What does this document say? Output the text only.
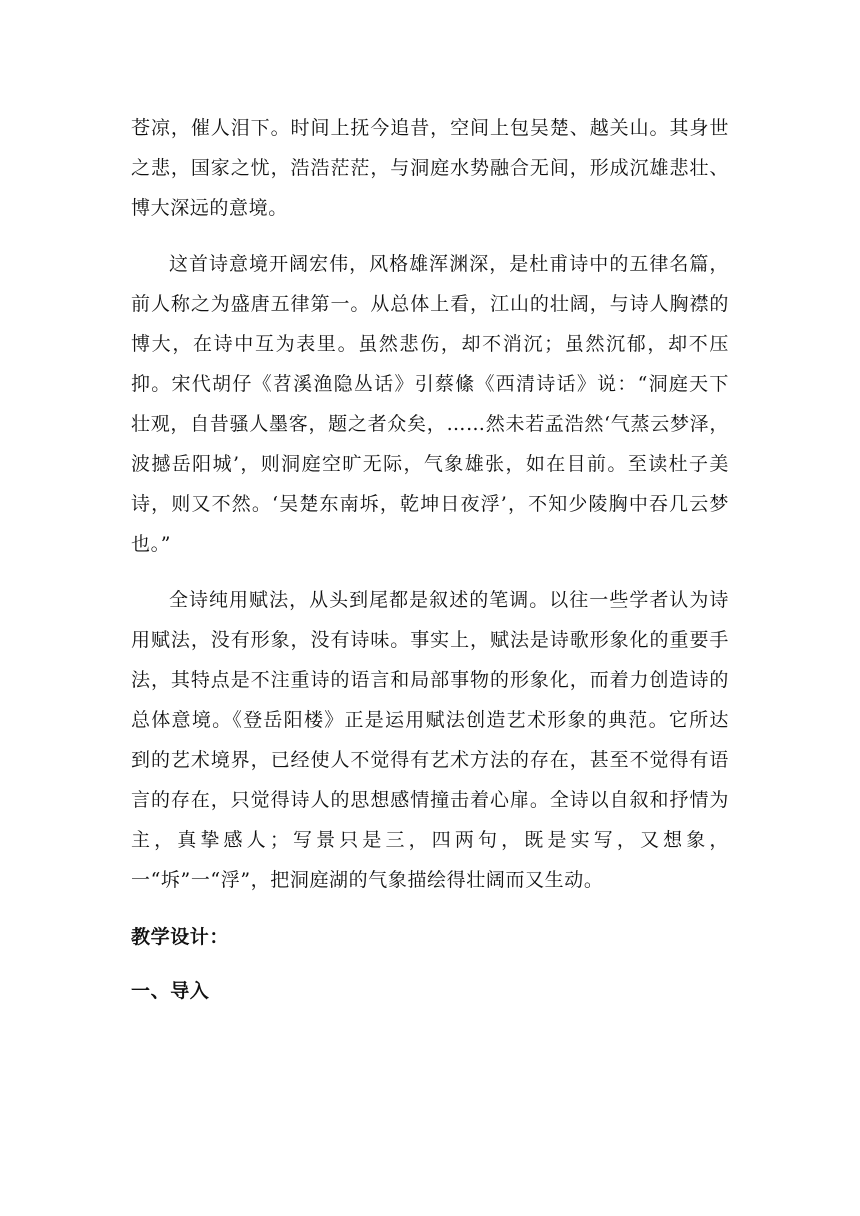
苍凉，催人泪下。时间上抚今追昔，空间上包吴楚、越关山。其身世之悲，国家之忧，浩浩茫茫，与洞庭水势融合无间，形成沉雄悲壮、博大深远的意境。

这首诗意境开阔宏伟，风格雄浑渊深，是杜甫诗中的五律名篇，前人称之为盛唐五律第一。从总体上看，江山的壮阔，与诗人胸襟的博大，在诗中互为表里。虽然悲伤，却不消沉；虽然沉郁，却不压抑。宋代胡仔《苕溪渔隐丛话》引蔡絛《西清诗话》说：“洞庭天下壮观，自昔骚人墨客，题之者众矣，……然未若孟浩然‘气蒸云梦泽，波撼岳阳城’，则洞庭空旷无际，气象雄张，如在目前。至读杜子美诗，则又不然。‘吴楚东南坼，乾坤日夜浮’，不知少陵胸中吞几云梦也。”

全诗纯用赋法，从头到尾都是叙述的笔调。以往一些学者认为诗用赋法，没有形象，没有诗味。事实上，赋法是诗歌形象化的重要手法，其特点是不注重诗的语言和局部事物的形象化，而着力创造诗的总体意境。《登岳阳楼》正是运用赋法创造艺术形象的典范。它所达到的艺术境界，已经使人不觉得有艺术方法的存在，甚至不觉得有语言的存在，只觉得诗人的思想感情撞击着心扉。全诗以自叙和抒情为主，真挚感人；写景只是三，四两句，既是实写，又想象，一“坼”一“浮”，把洞庭湖的气象描绘得壮阔而又生动。

教学设计：
一、导入
